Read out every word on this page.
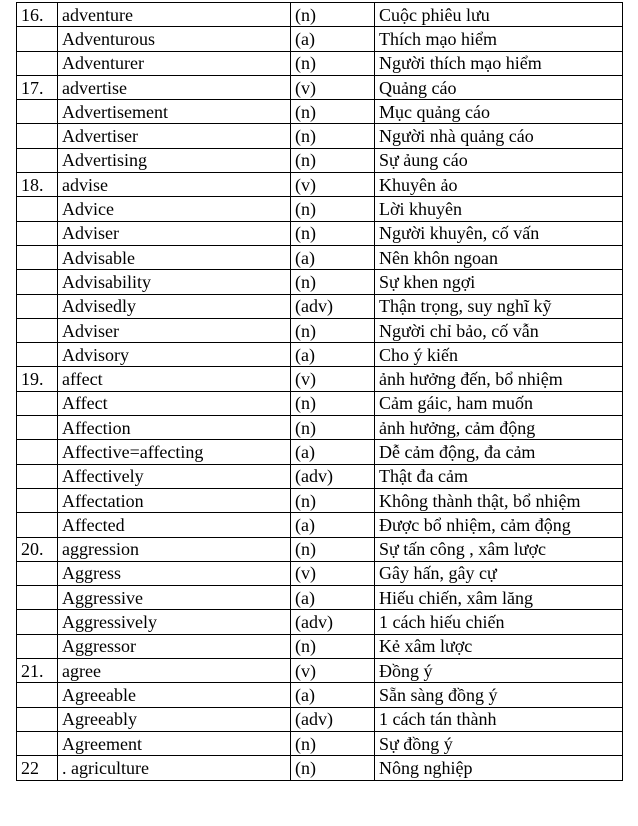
16.	adventure	(n)	Cuộc phiêu lưu
	Adventurous	(a)	Thích mạo hiểm
	Adventurer	(n)	Người thích mạo hiểm
17.	advertise	(v)	Quảng cáo
	Advertisement	(n)	Mục quảng cáo
	Advertiser	(n)	Người nhà quảng cáo
	Advertising	(n)	Sự ảung cáo
18.	advise	(v)	Khuyên ảo
	Advice	(n)	Lời khuyên
	Adviser	(n)	Người khuyên, cố vấn
	Advisable	(a)	Nên khôn ngoan
	Advisability	(n)	Sự khen ngợi
	Advisedly	(adv)	Thận trọng, suy nghĩ kỹ
	Adviser	(n)	Người chỉ bảo, cố vẫn
	Advisory	(a)	Cho ý kiến
19.	affect	(v)	ảnh hưởng đến, bổ nhiệm
	Affect	(n)	Cảm gáic, ham muốn
	Affection	(n)	ảnh hưởng, cảm động
	Affective=affecting	(a)	Dễ cảm động, đa cảm
	Affectively	(adv)	Thật đa cảm
	Affectation	(n)	Không thành thật, bổ nhiệm
	Affected	(a)	Được bổ nhiệm, cảm động
20.	aggression	(n)	Sự tấn công , xâm lược
	Aggress	(v)	Gây hấn, gây cự
	Aggressive	(a)	Hiếu chiến, xâm lăng
	Aggressively	(adv)	1 cách hiếu chiến
	Aggressor	(n)	Kẻ xâm lược
21.	agree	(v)	Đồng ý
	Agreeable	(a)	Sẵn sàng đồng ý
	Agreeably	(adv)	1 cách tán thành
	Agreement	(n)	Sự đồng ý
22	. agriculture	(n)	Nông nghiệp
